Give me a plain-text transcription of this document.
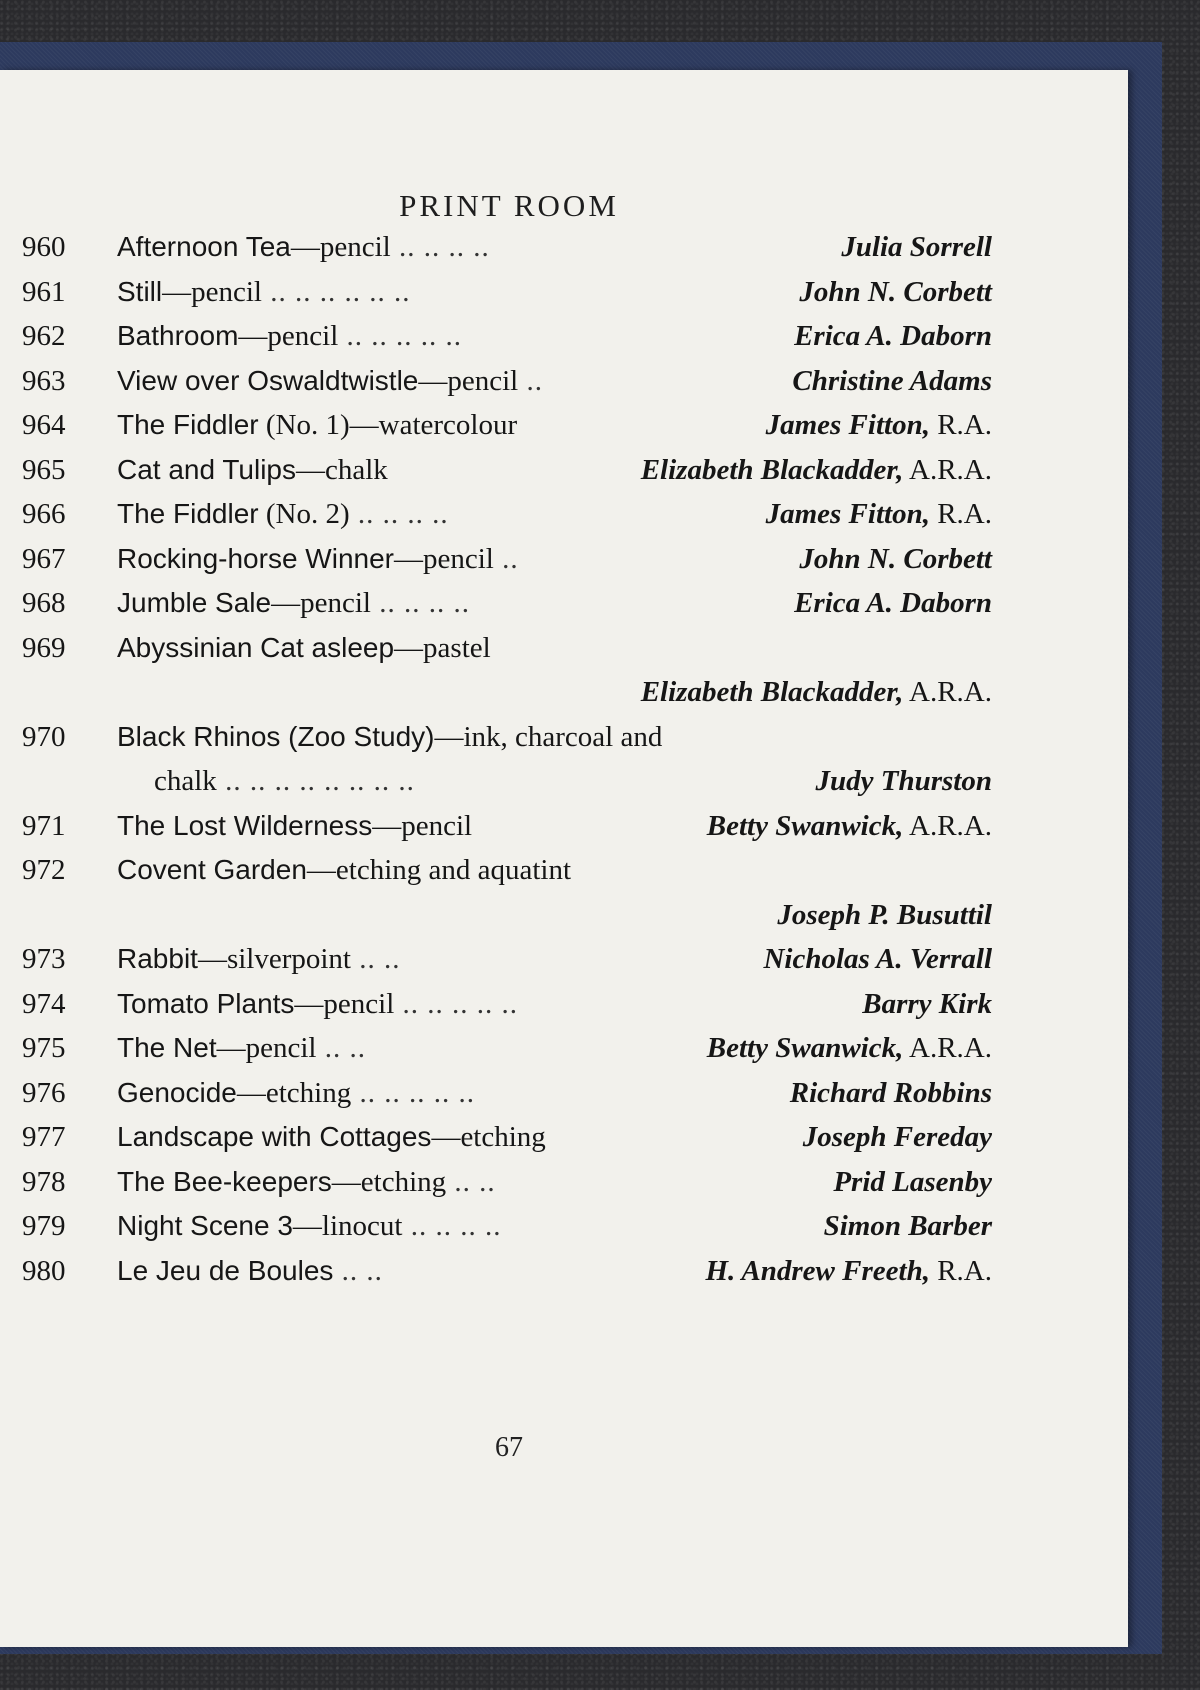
PRINT ROOM
960 Afternoon Tea—pencil .. .. .. ..	Julia Sorrell
961 Still—pencil .. .. .. .. .. ..	John N. Corbett
962 Bathroom—pencil .. .. .. .. ..	Erica A. Daborn
963 View over Oswaldtwistle—pencil ..	Christine Adams
964 The Fiddler (No. 1)—watercolour	James Fitton, R.A.
965 Cat and Tulips—chalk	Elizabeth Blackadder, A.R.A.
966 The Fiddler (No. 2) .. .. .. ..	James Fitton, R.A.
967 Rocking-horse Winner—pencil ..	John N. Corbett
968 Jumble Sale—pencil .. .. .. ..	Erica A. Daborn
969 Abyssinian Cat asleep—pastel
Elizabeth Blackadder, A.R.A.
970 Black Rhinos (Zoo Study)—ink, charcoal and
chalk .. .. .. .. .. .. .. ..	Judy Thurston
971 The Lost Wilderness—pencil	Betty Swanwick, A.R.A.
972 Covent Garden—etching and aquatint
Joseph P. Busuttil
973 Rabbit—silverpoint .. ..	Nicholas A. Verrall
974 Tomato Plants—pencil .. .. .. .. ..	Barry Kirk
975 The Net—pencil .. ..	Betty Swanwick, A.R.A.
976 Genocide—etching .. .. .. .. ..	Richard Robbins
977 Landscape with Cottages—etching	Joseph Fereday
978 The Bee-keepers—etching .. ..	Prid Lasenby
979 Night Scene 3—linocut .. .. .. ..	Simon Barber
980 Le Jeu de Boules .. ..	H. Andrew Freeth, R.A.
67
